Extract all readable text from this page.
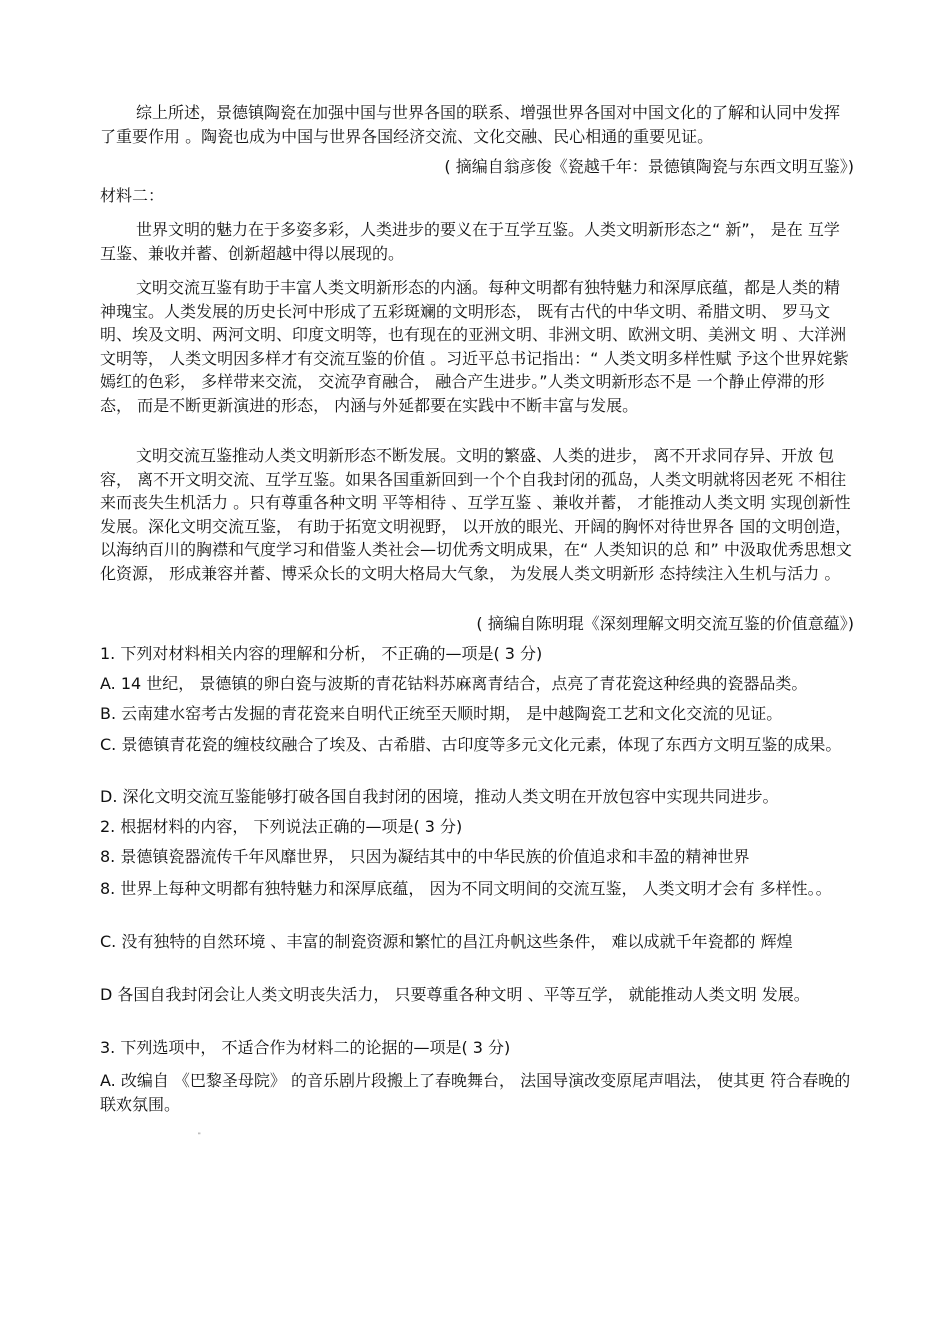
综上所述，景德镇陶瓷在加强中国与世界各国的联系、增强世界各国对中国文化的了解和认同中发挥了重要作用 。陶瓷也成为中国与世界各国经济交流、文化交融、民心相通的重要见证。

( 摘编自翁彦俊《瓷越千年：景德镇陶瓷与东西文明互鉴》)

材料二：

世界文明的魅力在于多姿多彩，人类进步的要义在于互学互鉴。人类文明新形态之“ 新”， 是在 互学互鉴、兼收并蓄、创新超越中得以展现的。

文明交流互鉴有助于丰富人类文明新形态的内涵。每种文明都有独特魅力和深厚底蕴，都是人类的精神瑰宝。人类发展的历史长河中形成了五彩斑斓的文明形态， 既有古代的中华文明、希腊文明、 罗马文明、埃及文明、两河文明、印度文明等，也有现在的亚洲文明、非洲文明、欧洲文明、美洲文 明 、大洋洲文明等， 人类文明因多样才有交流互鉴的价值 。习近平总书记指出：“ 人类文明多样性赋 予这个世界姹紫嫣红的色彩， 多样带来交流， 交流孕育融合， 融合产生进步。”人类文明新形态不是 一个静止停滞的形态， 而是不断更新演进的形态， 内涵与外延都要在实践中不断丰富与发展。

文明交流互鉴推动人类文明新形态不断发展。文明的繁盛、人类的进步， 离不开求同存异、开放 包容， 离不开文明交流、互学互鉴。如果各国重新回到一个个自我封闭的孤岛，人类文明就将因老死 不相往来而丧失生机活力 。只有尊重各种文明 平等相待 、互学互鉴 、兼收并蓄， 才能推动人类文明 实现创新性发展。深化文明交流互鉴， 有助于拓宽文明视野， 以开放的眼光、开阔的胸怀对待世界各 国的文明创造， 以海纳百川的胸襟和气度学习和借鉴人类社会—切优秀文明成果，在“ 人类知识的总 和” 中汲取优秀思想文化资源， 形成兼容并蓄、博采众长的文明大格局大气象， 为发展人类文明新形 态持续注入生机与活力 。

( 摘编自陈明琨《深刻理解文明交流互鉴的价值意蕴》)

1. 下列对材料相关内容的理解和分析， 不正确的—项是( 3 分)

A. 14 世纪， 景德镇的卵白瓷与波斯的青花钴料苏麻离青结合，点亮了青花瓷这种经典的瓷器品类。

B. 云南建水窑考古发掘的青花瓷来自明代正统至天顺时期， 是中越陶瓷工艺和文化交流的见证。

C. 景德镇青花瓷的缠枝纹融合了埃及、古希腊、古印度等多元文化元素，体现了东西方文明互鉴的成果。

D. 深化文明交流互鉴能够打破各国自我封闭的困境，推动人类文明在开放包容中实现共同进步。

2. 根据材料的内容， 下列说法正确的—项是( 3 分)

8. 景德镇瓷器流传千年风靡世界， 只因为凝结其中的中华民族的价值追求和丰盈的精神世界

8. 世界上每种文明都有独特魅力和深厚底蕴， 因为不同文明间的交流互鉴， 人类文明才会有 多样性。。

C. 没有独特的自然环境 、丰富的制瓷资源和繁忙的昌江舟帆这些条件， 难以成就千年瓷都的 辉煌

D 各国自我封闭会让人类文明丧失活力， 只要尊重各种文明 、平等互学， 就能推动人类文明 发展。

3. 下列选项中， 不适合作为材料二的论据的—项是( 3 分)

A. 改编自 《巴黎圣母院》 的音乐剧片段搬上了春晚舞台， 法国导演改变原尾声唱法， 使其更 符合春晚的联欢氛围。

"
